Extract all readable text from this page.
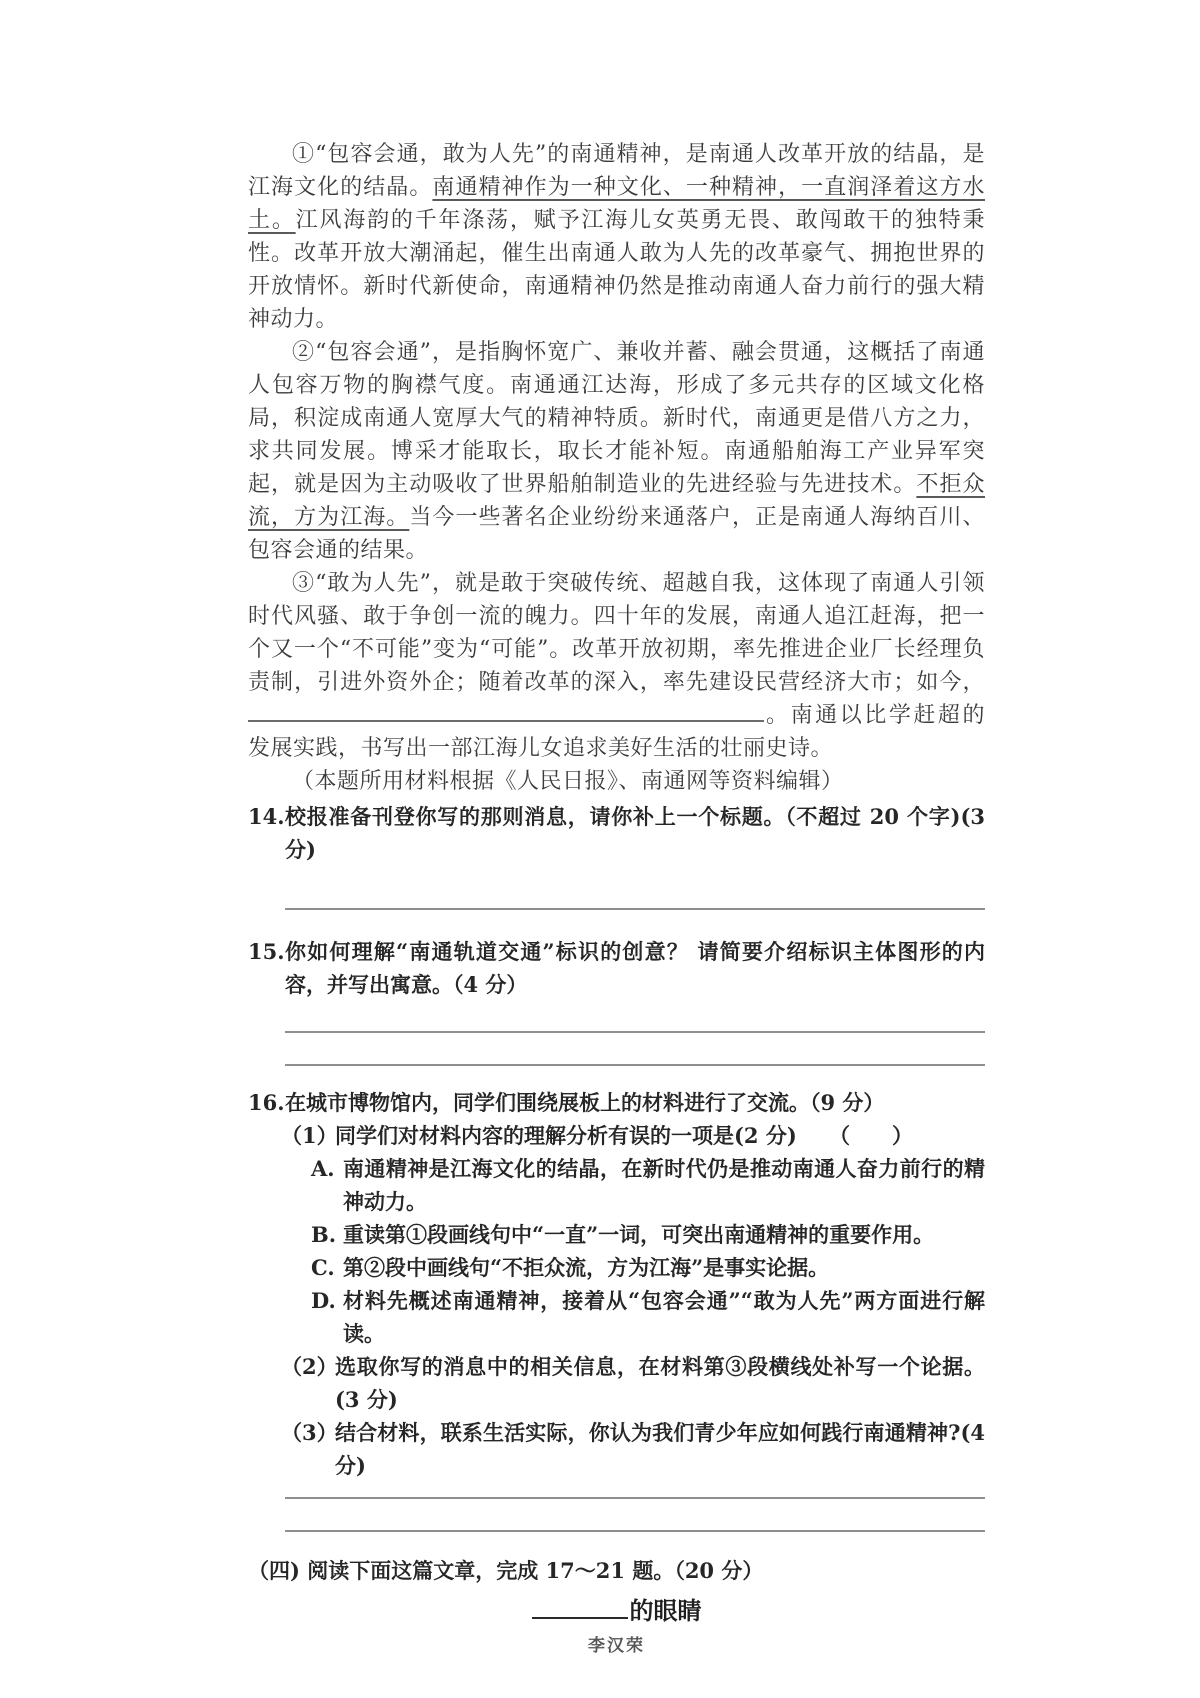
①“包容会通，敢为人先”的南通精神，是南通人改革开放的结晶，是江海文化的结晶。南通精神作为一种文化、一种精神，一直润泽着这方水土。江风海韵的千年涤荡，赋予江海儿女英勇无畏、敢闯敢干的独特秉性。改革开放大潮涌起，催生出南通人敢为人先的改革豪气、拥抱世界的开放情怀。新时代新使命，南通精神仍然是推动南通人奋力前行的强大精神动力。

②“包容会通”，是指胸怀宽广、兼收并蓄、融会贯通，这概括了南通人包容万物的胸襟气度。南通通江达海，形成了多元共存的区域文化格局，积淀成南通人宽厚大气的精神特质。新时代，南通更是借八方之力，求共同发展。博采才能取长，取长才能补短。南通船舶海工产业异军突起，就是因为主动吸收了世界船舶制造业的先进经验与先进技术。不拒众流，方为江海。当今一些著名企业纷纷来通落户，正是南通人海纳百川、包容会通的结果。

③“敢为人先”，就是敢于突破传统、超越自我，这体现了南通人引领时代风骚、敢于争创一流的魄力。四十年的发展，南通人追江赶海，把一个又一个“不可能”变为“可能”。改革开放初期，率先推进企业厂长经理负责制，引进外资外企；随着改革的深入，率先建设民营经济大市；如今，。南通以比学赶超的发展实践，书写出一部江海儿女追求美好生活的壮丽史诗。

（本题所用材料根据《人民日报》、南通网等资料编辑）

14. 校报准备刊登你写的那则消息，请你补上一个标题。（不超过 20 个字)(3 分)

15. 你如何理解“南通轨道交通”标识的创意？ 请简要介绍标识主体图形的内容，并写出寓意。（4 分）

16. 在城市博物馆内，同学们围绕展板上的材料进行了交流。（9 分）

（1）	（　　）
同学们对材料内容的理解分析有误的一项是(2 分)

A. 南通精神是江海文化的结晶，在新时代仍是推动南通人奋力前行的精神动力。

B. 重读第①段画线句中“一直”一词，可突出南通精神的重要作用。

C. 第②段中画线句“不拒众流，方为江海”是事实论据。

D. 材料先概述南通精神，接着从“包容会通”“敢为人先”两方面进行解读。

（2）
选取你写的消息中的相关信息，在材料第③段横线处补写一个论据。(3 分)

（3）
结合材料，联系生活实际，你认为我们青少年应如何践行南通精神?(4 分)

（四) 阅读下面这篇文章，完成 17～21 题。（20 分）

的眼睛

李汉荣
